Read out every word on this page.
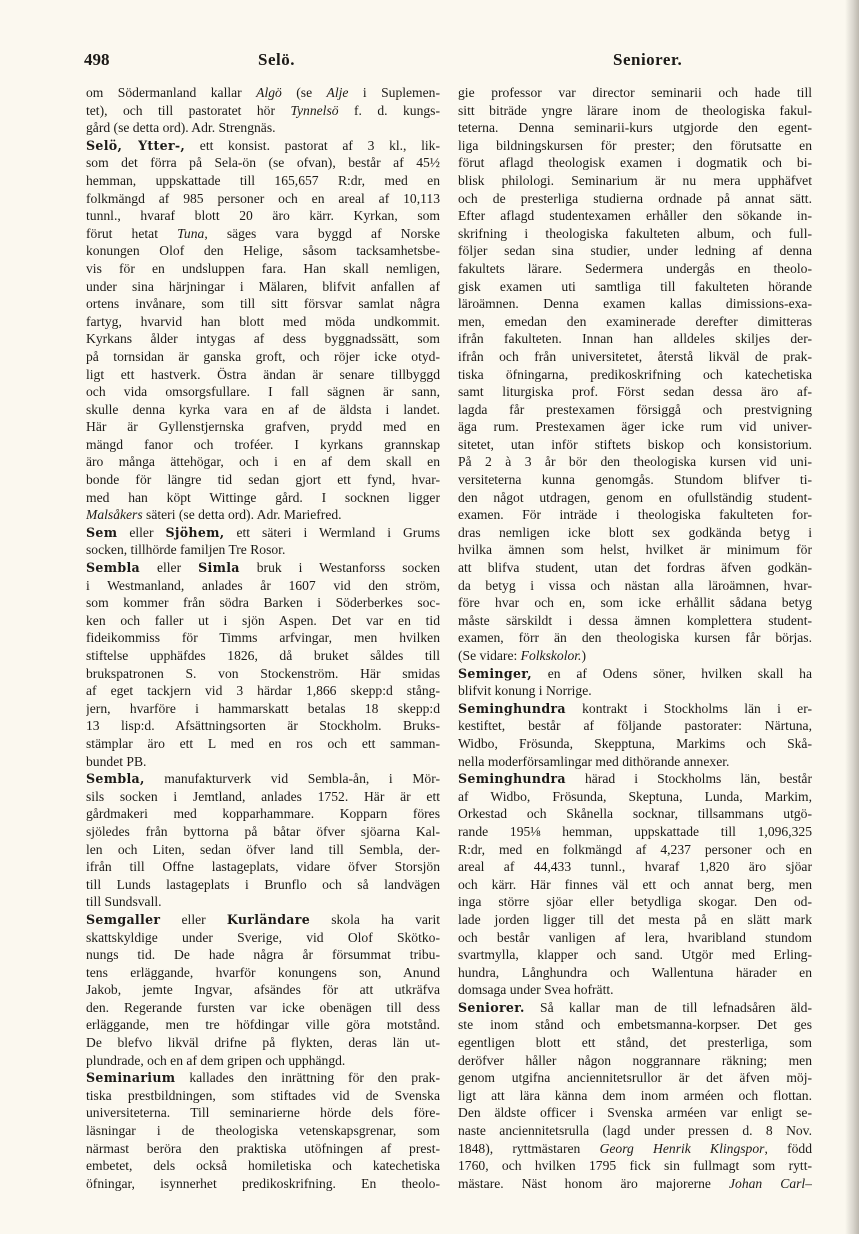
498	Selö.	Seniorer.
om Södermanland kallar Algö (se Alje i Suplemen-
tet), och till pastoratet hör Tynnelsö f. d. kungs-
gård (se detta ord). Adr. Strengnäs.
Selö, Ytter-, ett konsist. pastorat af 3 kl., lik-
som det förra på Sela-ön (se ofvan), består af 45½
hemman, uppskattade till 165,657 R:dr, med en
folkmängd af 985 personer och en areal af 10,113
tunnl., hvaraf blott 20 äro kärr. Kyrkan, som
förut hetat Tuna, säges vara byggd af Norske
konungen Olof den Helige, såsom tacksamhetsbe-
vis för en undsluppen fara. Han skall nemligen,
under sina härjningar i Mälaren, blifvit anfallen af
ortens invånare, som till sitt försvar samlat några
fartyg, hvarvid han blott med möda undkommit.
Kyrkans ålder intygas af dess byggnadssätt, som
på tornsidan är ganska groft, och röjer icke otyd-
ligt ett hastverk. Östra ändan är senare tillbyggd
och vida omsorgsfullare. I fall sägnen är sann,
skulle denna kyrka vara en af de äldsta i landet.
Här är Gyllenstjernska grafven, prydd med en
mängd fanor och troféer. I kyrkans grannskap
äro många ättehögar, och i en af dem skall en
bonde för längre tid sedan gjort ett fynd, hvar-
med han köpt Wittinge gård. I socknen ligger
Malsåkers säteri (se detta ord). Adr. Mariefred.
Sem eller Sjöhem, ett säteri i Wermland i Grums
socken, tillhörde familjen Tre Rosor.
Sembla eller Simla bruk i Westanforss socken
i Westmanland, anlades år 1607 vid den ström,
som kommer från södra Barken i Söderberkes soc-
ken och faller ut i sjön Aspen. Det var en tid
fideikommiss för Timms arfvingar, men hvilken
stiftelse upphäfdes 1826, då bruket såldes till
brukspatronen S. von Stockenström. Här smidas
af eget tackjern vid 3 härdar 1,866 skepp:d stång-
jern, hvarföre i hammarskatt betalas 18 skepp:d
13 lisp:d. Afsättningsorten är Stockholm. Bruks-
stämplar äro ett L med en ros och ett samman-
bundet PB.
Sembla, manufakturverk vid Sembla-ån, i Mör-
sils socken i Jemtland, anlades 1752. Här är ett
gårdmakeri med kopparhammare. Kopparn föres
sjöledes från byttorna på båtar öfver sjöarna Kal-
len och Liten, sedan öfver land till Sembla, der-
ifrån till Offne lastageplats, vidare öfver Storsjön
till Lunds lastageplats i Brunflo och så landvägen
till Sundsvall.
Semgaller eller Kurländare skola ha varit
skattskyldige under Sverige, vid Olof Skötko-
nungs tid. De hade några år försummat tribu-
tens erläggande, hvarför konungens son, Anund
Jakob, jemte Ingvar, afsändes för att utkräfva
den. Regerande fursten var icke obenägen till dess
erläggande, men tre höfdingar ville göra motstånd.
De blefvo likväl drifne på flykten, deras län ut-
plundrade, och en af dem gripen och upphängd.
Seminarium kallades den inrättning för den prak-
tiska prestbildningen, som stiftades vid de Svenska
universiteterna. Till seminarierne hörde dels före-
läsningar i de theologiska vetenskapsgrenar, som
närmast beröra den praktiska utöfningen af prest-
embetet, dels också homiletiska och katechetiska
öfningar, isynnerhet predikoskrifning. En theolo-
gie professor var director seminarii och hade till
sitt biträde yngre lärare inom de theologiska fakul-
teterna. Denna seminarii-kurs utgjorde den egent-
liga bildningskursen för prester; den förutsatte en
förut aflagd theologisk examen i dogmatik och bi-
blisk philologi. Seminarium är nu mera upphäfvet
och de presterliga studierna ordnade på annat sätt.
Efter aflagd studentexamen erhåller den sökande in-
skrifning i theologiska fakulteten album, och full-
följer sedan sina studier, under ledning af denna
fakultets lärare. Sedermera undergås en theolo-
gisk examen uti samtliga till fakulteten hörande
läroämnen. Denna examen kallas dimissions-exa-
men, emedan den examinerade derefter dimitteras
ifrån fakulteten. Innan han alldeles skiljes der-
ifrån och från universitetet, återstå likväl de prak-
tiska öfningarna, predikoskrifning och katechetiska
samt liturgiska prof. Först sedan dessa äro af-
lagda får prestexamen försiggå och prestvigning
äga rum. Prestexamen äger icke rum vid univer-
sitetet, utan inför stiftets biskop och konsistorium.
På 2 à 3 år bör den theologiska kursen vid uni-
versiteterna kunna genomgås. Stundom blifver ti-
den något utdragen, genom en ofullständig student-
examen. För inträde i theologiska fakulteten for-
dras nemligen icke blott sex godkända betyg i
hvilka ämnen som helst, hvilket är minimum för
att blifva student, utan det fordras äfven godkän-
da betyg i vissa och nästan alla läroämnen, hvar-
före hvar och en, som icke erhållit sådana betyg
måste särskildt i dessa ämnen komplettera student-
examen, förr än den theologiska kursen får börjas.
(Se vidare: Folkskolor.)
Seminger, en af Odens söner, hvilken skall ha
blifvit konung i Norrige.
Seminghundra kontrakt i Stockholms län i er-
kestiftet, består af följande pastorater: Närtuna,
Widbo, Frösunda, Skepptuna, Markims och Skå-
nella moderförsamlingar med dithörande annexer.
Seminghundra härad i Stockholms län, består
af Widbo, Frösunda, Skeptuna, Lunda, Markim,
Orkestad och Skånella socknar, tillsammans utgö-
rande 195⅛ hemman, uppskattade till 1,096,325
R:dr, med en folkmängd af 4,237 personer och en
areal af 44,433 tunnl., hvaraf 1,820 äro sjöar
och kärr. Här finnes väl ett och annat berg, men
inga större sjöar eller betydliga skogar. Den od-
lade jorden ligger till det mesta på en slätt mark
och består vanligen af lera, hvaribland stundom
svartmylla, klapper och sand. Utgör med Erling-
hundra, Långhundra och Wallentuna härader en
domsaga under Svea hofrätt.
Seniorer. Så kallar man de till lefnadsåren äld-
ste inom stånd och embetsmanna-korpser. Det ges
egentligen blott ett stånd, det presterliga, som
deröfver håller någon noggrannare räkning; men
genom utgifna anciennitetsrullor är det äfven möj-
ligt att lära känna dem inom arméen och flottan.
Den äldste officer i Svenska arméen var enligt se-
naste anciennitetsrulla (lagd under pressen d. 8 Nov.
1848), ryttmästaren Georg Henrik Klingspor, född
1760, och hvilken 1795 fick sin fullmagt som rytt-
mästare. Näst honom äro majorerne Johan Carl–
